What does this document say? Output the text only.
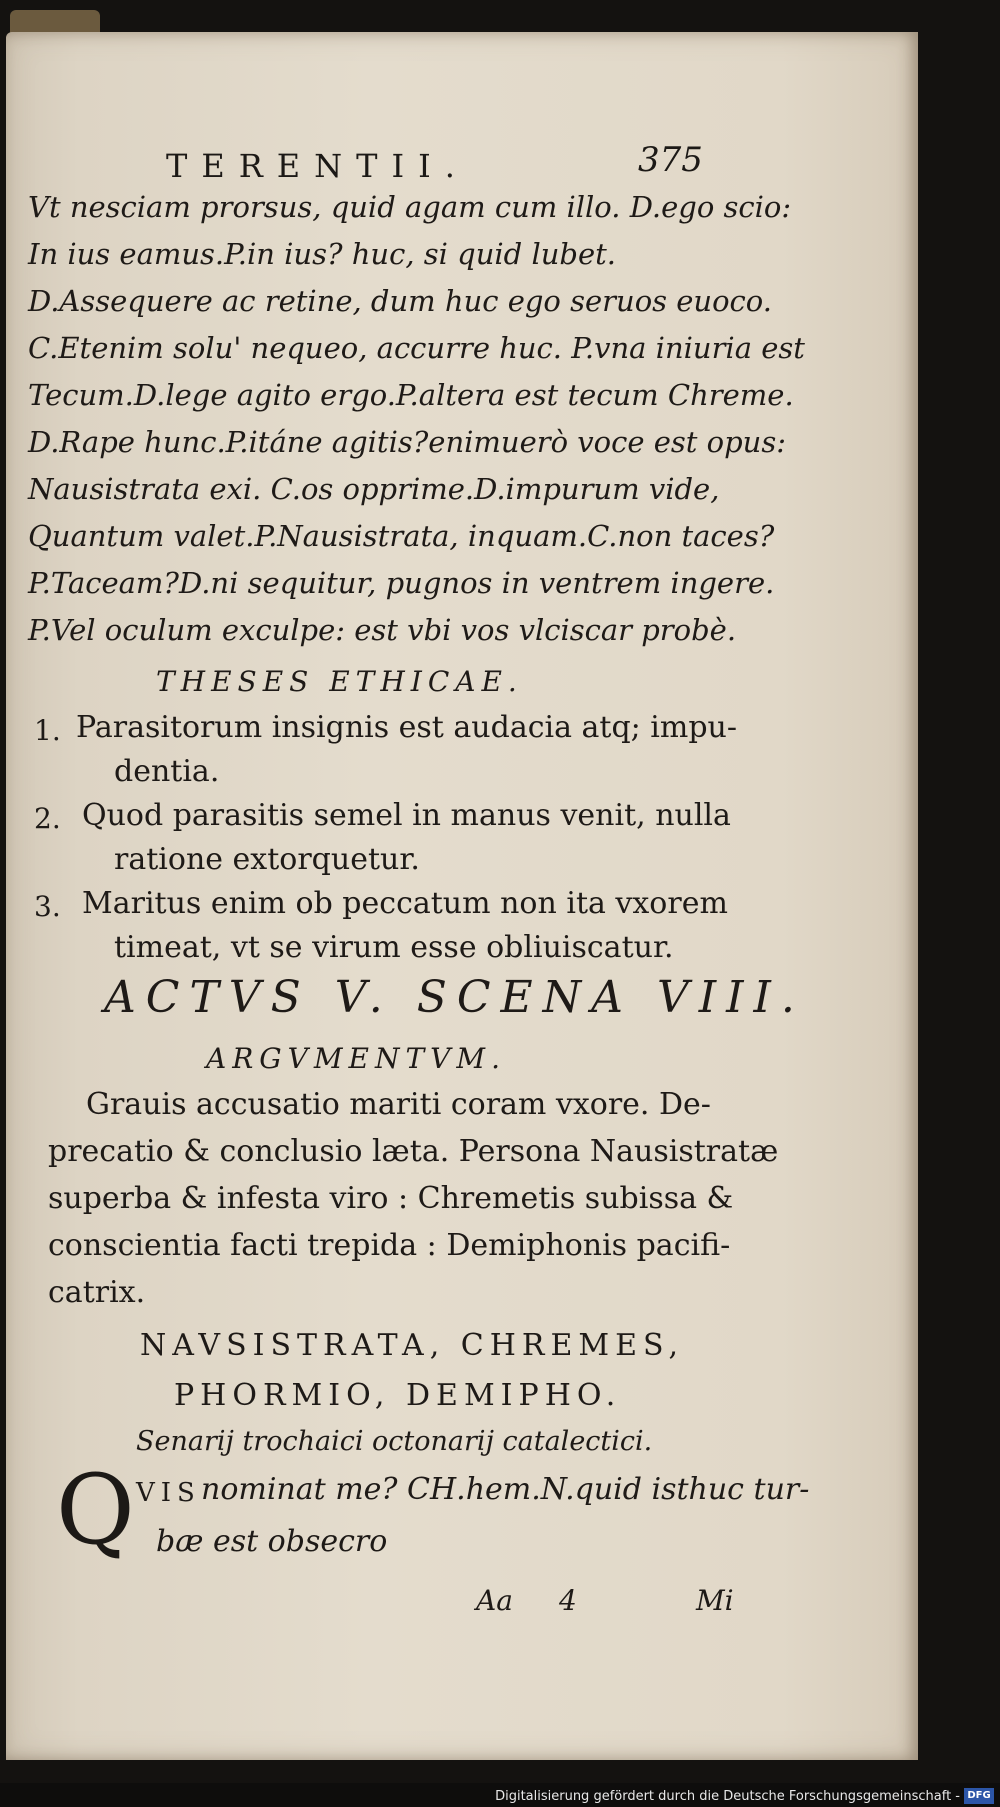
TERENTII.	375
Vt nesciam prorsus, quid agam cum illo. D.ego scio:
In ius eamus.P.in ius? huc, si quid lubet.
D.Assequere ac retine, dum huc ego seruos euoco.
C.Etenim solu' nequeo, accurre huc. P.vna iniuria est
Tecum.D.lege agito ergo.P.altera est tecum Chreme.
D.Rape hunc.P.itáne agitis?enimuerò voce est opus:
Nausistrata exi. C.os opprime.D.impurum vide,
Quantum valet.P.Nausistrata, inquam.C.non taces?
P.Taceam?D.ni sequitur, pugnos in ventrem ingere.
P.Vel oculum exculpe: est vbi vos vlciscar probè.
THESES ETHICAE.
1. Parasitorum insignis est audacia atq; impu-
dentia.
2. Quod parasitis semel in manus venit, nulla
ratione extorquetur.
3. Maritus enim ob peccatum non ita vxorem
timeat, vt se virum esse obliuiscatur.
ACTVS V. SCENA VIII.
ARGVMENTVM.
Grauis accusatio mariti coram vxore. De-
precatio & conclusio læta. Persona Nausistratæ
superba & infesta viro : Chremetis subissa &
conscientia facti trepida : Demiphonis pacifi-
catrix.
NAVSISTRATA, CHREMES,
PHORMIO, DEMIPHO.
Senarij trochaici octonarij catalectici.
Q VIS nominat me? CH.hem.N.quid isthuc tur-
bæ est obsecro
Aa 4	Mi
Digitalisierung gefördert durch die Deutsche Forschungsgemeinschaft - DFG
